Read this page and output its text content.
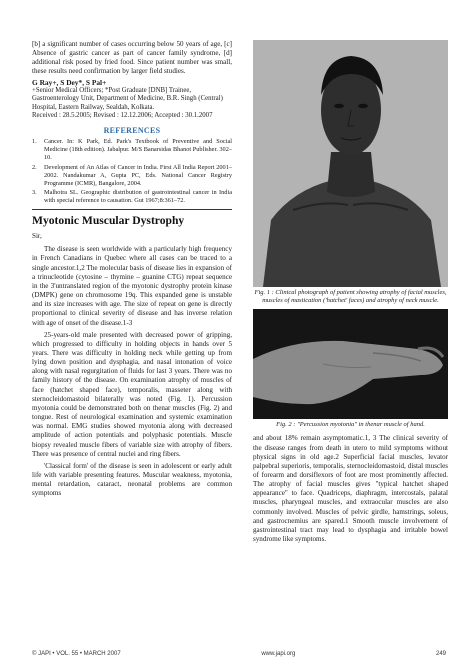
[b] a significant number of cases occurring below 50 years of age, [c] Absence of gastric cancer as part of cancer family syndrome, [d] additional risk posed by fried food. Since patient number was small, these results need confirmation by larger field studies.

G Ray+, S Dey*, S Pal+

+Senior Medical Officers; *Post Graduate [DNB] Trainee, Gastroenterology Unit, Department of Medicine, B.R. Singh (Central) Hospital, Eastern Railway, Sealdah, Kolkata.

Received : 28.5.2005; Revised : 12.12.2006; Accepted : 30.1.2007

REFERENCES
1.	Cancer. In: K Park, Ed. Park's Textbook of Preventive and Social Medicine (18th edition). Jabalpur. M/S Banarsidas Bhanot Publisher. 302–10.
2.	Development of An Atlas of Cancer in India. First All India Report 2001–2002. Nandakumar A, Gupta PC, Eds. National Cancer Registry Programme (ICMR), Bangalore, 2004.
3.	Malhotra SL. Geographic distribution of gastrointestinal cancer in India with special reference to causation. Gut 1967;8:361–72.
Myotonic Muscular Dystrophy
Sir,

The disease is seen worldwide with a particularly high frequency in French Canadians in Quebec where all cases can be traced to a single ancestor.1,2 The molecular basis of disease lies in expansion of a trinucleotide (cytosine – thymine – guanine CTG) repeat sequence in the 3'untranslated region of the myotonic dystrophy protein kinase (DMPK) gene on chromosome 19q. This expanded gene is unstable and its size increases with age. The size of repeat on gene is directly proportional to clinical severity of disease and has inverse relation with age of onset of the disease.1-3

25-years-old male presented with decreased power of gripping, which progressed to difficulty in holding objects in hands over 5 years. There was difficulty in holding neck while getting up from lying down position and dysphagia, and nasal intonation of voice along with nasal regurgitation of fluids for last 3 years. There was no family history of the disease. On examination atrophy of muscles of face (hatchet shaped face), temporalis, masseter along with sternocleidomastoid bilaterally was noted (Fig. 1). Percussion myotonia could be demonstrated both on thenar muscles (Fig. 2) and tongue. Rest of neurological examination and systemic examination was normal. EMG studies showed myotonia along with decreased amplitude of action potentials and polyphasic potentials. Muscle biopsy revealed muscle fibers of variable size with atrophy of fibers. There was presence of central nuclei and ring fibers.

'Classical form' of the disease is seen in adolescent or early adult life with variable presenting features. Muscular weakness, myotonia, mental retardation, cataract, neonatal problems are common symptoms

Fig. 1 : Clinical photograph of patient showing atrophy of facial muscles, muscles of mastication ('hatchet' faces) and atrophy of neck muscle.

Fig. 2 : "Percussion myotonia" in thenar muscle of hand.

and about 18% remain asymptomatic.1, 3 The clinical severity of the disease ranges from death in utero to mild symptoms without physical signs in old age.2 Superficial facial muscles, levator palpebral superioris, temporalis, sternocleidomastoid, distal muscles of forearm and dorsiflexors of foot are most prominently affected. The atrophy of facial muscles gives "typical hatchet shaped appearance" to face. Quadriceps, diaphragm, intercostals, palatal muscles, pharyngeal muscles, and extraocular muscles are also commonly involved. Muscles of pelvic girdle, hamstrings, soleus, and gastrocnemius are spared.1 Smooth muscle involvement of gastrointestinal tract may lead to dysphagia and irritable bowel syndrome like symptoms.

© JAPI • VOL. 55 • MARCH 2007	www.japi.org	249
